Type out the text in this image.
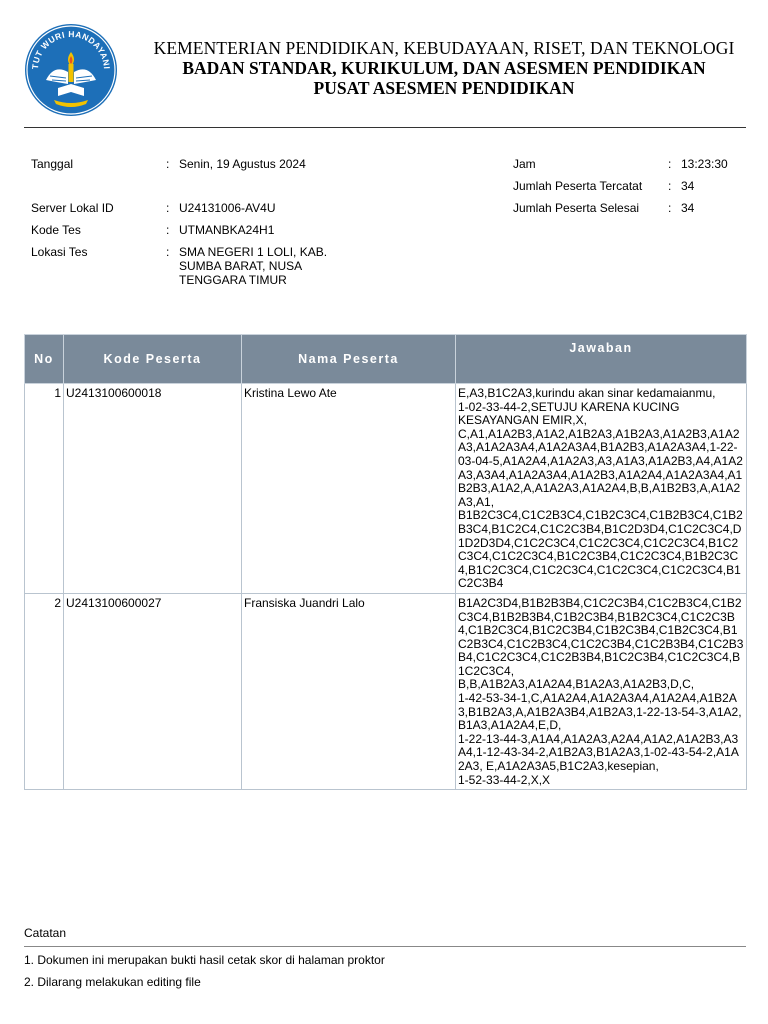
TUT WURI HANDAYANI
KEMENTERIAN PENDIDIKAN, KEBUDAYAAN, RISET, DAN TEKNOLOGI
BADAN STANDAR, KURIKULUM, DAN ASESMEN PENDIDIKAN
PUSAT ASESMEN PENDIDIKAN
Tanggal	: Senin, 19 Agustus 2024
Server Lokal ID	: U24131006-AV4U
Kode Tes	: UTMANBKA24H1
Lokasi Tes	: SMA NEGERI 1 LOLI, KAB.
SUMBA BARAT, NUSA
TENGGARA TIMUR
Jam	: 13:23:30
Jumlah Peserta Tercatat : 34
Jumlah Peserta Selesai : 34
No	Kode Peserta	Nama Peserta	Jawaban
1	U2413100600018	Kristina Lewo Ate	E,A3,B1C2A3,kurindu akan sinar kedamaianmu,
1-02-33-44-2,SETUJU KARENA KUCING
KESAYANGAN EMIR,X,
C,A1,A1A2B3,A1A2,A1B2A3,A1B2A3,A1A2B3,A1A2A3,A1A2A3A4,A1A2A3A4,B1A2B3,A1A2A3A4,1-22-03-04-5,A1A2A4,A1A2A3,A3,A1A3,A1A2B3,A4,A1A2A3,A3A4,A1A2A3A4,A1A2B3,A1A2A4,A1A2A3A4,A1B2B3,A1A2,A,A1A2A3,A1A2A4,B,B,A1B2B3,A,A1A2A3,A1,
B1B2C3C4,C1C2B3C4,C1B2C3C4,C1B2B3C4,C1B2B3C4,B1C2C4,C1C2C3B4,B1C2D3D4,C1C2C3C4,D1D2D3D4,C1C2C3C4,C1C2C3C4,C1C2C3C4,B1C2C3C4,C1C2C3C4,B1C2C3B4,C1C2C3C4,B1B2C3C4,B1C2C3C4,C1C2C3C4,C1C2C3C4,C1C2C3C4,B1C2C3B4
2	U2413100600027	Fransiska Juandri Lalo	B1A2C3D4,B1B2B3B4,C1C2C3B4,C1C2B3C4,C1B2C3C4,B1B2B3B4,C1B2C3B4,B1B2C3C4,C1C2C3B4,C1B2C3C4,B1C2C3B4,C1B2C3B4,C1B2C3C4,B1C2B3C4,C1C2B3C4,C1C2C3B4,C1C2B3B4,C1C2B3B4,C1C2C3C4,C1C2B3B4,B1C2C3B4,C1C2C3C4,B1C2C3C4,
B,B,A1B2A3,A1A2A4,B1A2A3,A1A2B3,D,C,
1-42-53-34-1,C,A1A2A4,A1A2A3A4,A1A2A4,A1B2A3,B1B2A3,A,A1B2A3B4,A1B2A3,1-22-13-54-3,A1A2,B1A3,A1A2A4,E,D,
1-22-13-44-3,A1A4,A1A2A3,A2A4,A1A2,A1A2B3,A3A4,1-12-43-34-2,A1B2A3,B1A2A3,1-02-43-54-2,A1A2A3, E,A1A2A3A5,B1C2A3,kesepian,
1-52-33-44-2,X,X
Catatan
1. Dokumen ini merupakan bukti hasil cetak skor di halaman proktor
2. Dilarang melakukan editing file
